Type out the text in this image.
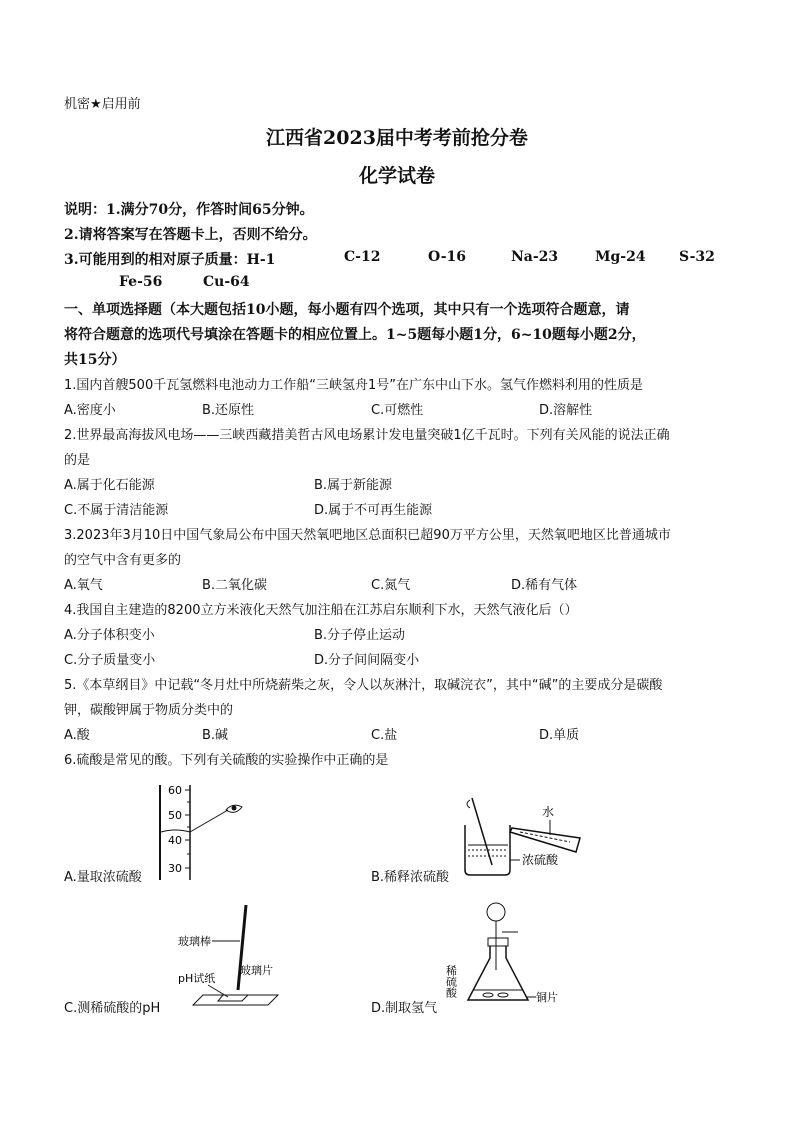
机密★启用前
江西省2023届中考考前抢分卷
化学试卷
说明：1.满分70分，作答时间65分钟。
2.请将答案写在答题卡上，否则不给分。
3.可能用到的相对原子质量：H-1	C-12	O-16	Na-23	Mg-24 S-32
Fe-56	Cu-64
一、单项选择题（本大题包括10小题，每小题有四个选项，其中只有一个选项符合题意，请
将符合题意的选项代号填涂在答题卡的相应位置上。1~5题每小题1分，6~10题每小题2分，
共15分）
1.国内首艘500千瓦氢燃料电池动力工作船“三峡氢舟1号”在广东中山下水。氢气作燃料利用的性质是
A.密度小	B.还原性	C.可燃性	D.溶解性
2.世界最高海拔风电场——三峡西藏措美哲古风电场累计发电量突破1亿千瓦时。下列有关风能的说法正确
的是
A.属于化石能源	B.属于新能源
C.不属于清洁能源	D.属于不可再生能源
3.2023年3月10日中国气象局公布中国天然氧吧地区总面积已超90万平方公里，天然氧吧地区比普通城市
的空气中含有更多的
A.氧气	B.二氧化碳	C.氮气	D.稀有气体
4.我国自主建造的8200立方米液化天然气加注船在江苏启东顺利下水，天然气液化后（）
A.分子体积变小	B.分子停止运动
C.分子质量变小	D.分子间间隔变小
5.《本草纲目》中记载“冬月灶中所烧薪柴之灰，令人以灰淋汁，取碱浣衣”，其中“碱”的主要成分是碳酸
钾，碳酸钾属于物质分类中的
A.酸	B.碱	C.盐	D.单质
6.硫酸是常见的酸。下列有关硫酸的实验操作中正确的是
60
50
40
30
A.量取浓硫酸
水
浓硫酸
B.稀释浓硫酸
玻璃棒
pH试纸
玻璃片
C.测稀硫酸的pH
稀硫酸	铜片
D.制取氢气
